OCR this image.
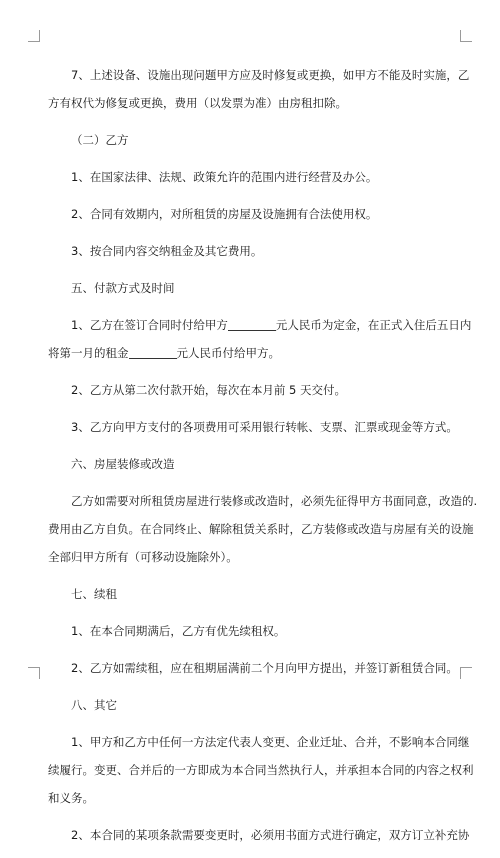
7、上述设备、设施出现问题甲方应及时修复或更换，如甲方不能及时实施，乙
方有权代为修复或更换，费用（以发票为准）由房租扣除。
（二）乙方
1、在国家法律、法规、政策允许的范围内进行经营及办公。
2、合同有效期内，对所租赁的房屋及设施拥有合法使用权。
3、按合同内容交纳租金及其它费用。
五、付款方式及时间
1、乙方在签订合同时付给甲方	元人民币为定金，在正式入住后五日内
将第一月的租金	元人民币付给甲方。
2、乙方从第二次付款开始，每次在本月前 5 天交付。
3、乙方向甲方支付的各项费用可采用银行转帐、支票、汇票或现金等方式。
六、房屋装修或改造
乙方如需要对所租赁房屋进行装修或改造时，必须先征得甲方书面同意，改造的.
费用由乙方自负。在合同终止、解除租赁关系时，乙方装修或改造与房屋有关的设施
全部归甲方所有（可移动设施除外）。
七、续租
1、在本合同期满后，乙方有优先续租权。
2、乙方如需续租，应在租期届满前二个月向甲方提出，并签订新租赁合同。
八、其它
1、甲方和乙方中任何一方法定代表人变更、企业迁址、合并，不影响本合同继
续履行。变更、合并后的一方即成为本合同当然执行人，并承担本合同的内容之权利
和义务。
2、本合同的某项条款需要变更时，必须用书面方式进行确定，双方订立补充协
